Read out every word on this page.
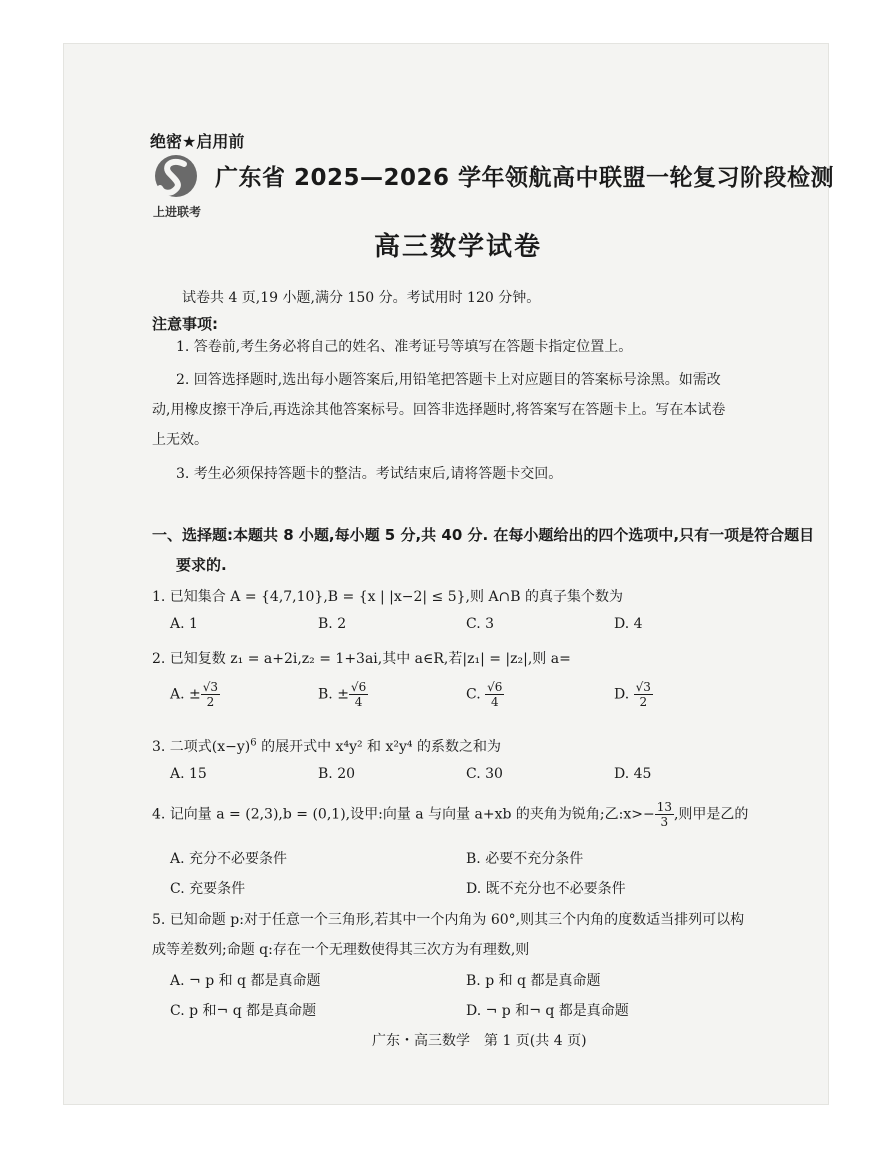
绝密★启用前
上进联考
广东省 2025—2026 学年领航高中联盟一轮复习阶段检测
高三数学试卷
试卷共 4 页,19 小题,满分 150 分。考试用时 120 分钟。
注意事项:
1. 答卷前,考生务必将自己的姓名、准考证号等填写在答题卡指定位置上。
2. 回答选择题时,选出每小题答案后,用铅笔把答题卡上对应题目的答案标号涂黑。如需改
动,用橡皮擦干净后,再选涂其他答案标号。回答非选择题时,将答案写在答题卡上。写在本试卷
上无效。
3. 考生必须保持答题卡的整洁。考试结束后,请将答题卡交回。
一、选择题:本题共 8 小题,每小题 5 分,共 40 分. 在每小题给出的四个选项中,只有一项是符合题目
要求的.
1. 已知集合 A = {4,7,10},B = {x | |x−2| ≤ 5},则 A∩B 的真子集个数为
A. 1	B. 2	C. 3	D. 4
2. 已知复数 z₁ = a+2i,z₂ = 1+3ai,其中 a∈R,若|z₁| = |z₂|,则 a=
A. ± $\frac{√3}{2}$	B. ± $\frac{√6}{4}$	C. $\frac{√6}{4}$	D. $\frac{√3}{2}$
3. 二项式$(x-y)^6$ 的展开式中 x⁴y² 和 x²y⁴ 的系数之和为
A. 15	B. 20	C. 30	D. 45
4. 记向量 a = (2,3),b = (0,1),设甲:向量 a 与向量 a+xb 的夹角为锐角;乙:x>− $\frac{13}{3}$ ,则甲是乙的
A. 充分不必要条件	B. 必要不充分条件
C. 充要条件	D. 既不充分也不必要条件
5. 已知命题 p:对于任意一个三角形,若其中一个内角为 60°,则其三个内角的度数适当排列可以构
成等差数列;命题 q:存在一个无理数使得其三次方为有理数,则
A. ¬ p 和 q 都是真命题	B. p 和 q 都是真命题
C. p 和¬ q 都是真命题	D. ¬ p 和¬ q 都是真命题
广东・高三数学　第 1 页(共 4 页)
